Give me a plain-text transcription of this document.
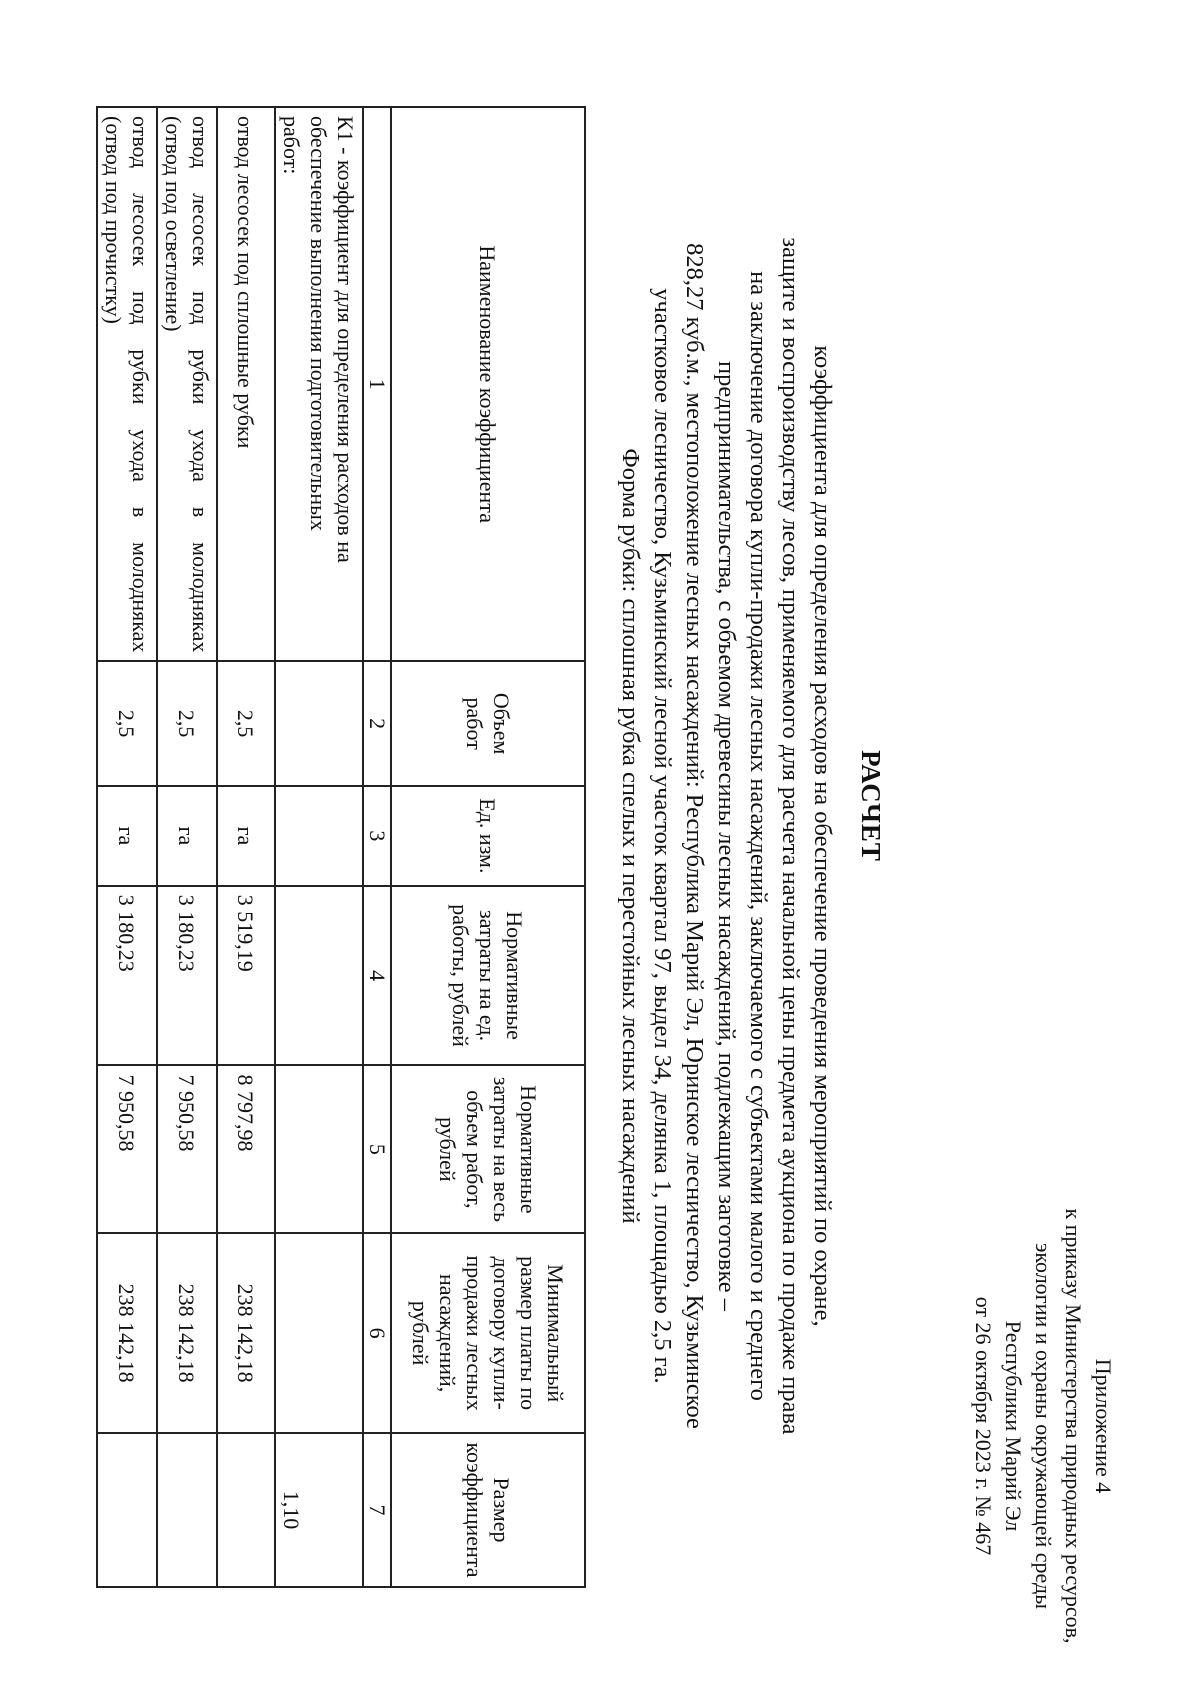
Приложение 4
к приказу Министерства природных ресурсов,
экологии и охраны окружающей среды
Республики Марий Эл
от 26 октября 2023 г. № 467
РАСЧЕТ
коэффициента для определения расходов на обеспечение проведения мероприятий по охране,
защите и воспроизводству лесов, применяемого для расчета начальной цены предмета аукциона по продаже права
на заключение договора купли-продажи лесных насаждений, заключаемого с субъектами малого и среднего
предпринимательства, с объемом древесины лесных насаждений, подлежащим заготовке –
828,27 куб.м., местоположение лесных насаждений: Республика Марий Эл, Юринское лесничество, Кузьминское
участковое лесничество, Кузьминский лесной участок квартал 97, выдел 34, делянка 1, площадью 2,5 га.
Форма рубки: сплошная рубка спелых и перестойных лесных насаждений
Наименование коэффициента	Объем работ	Ед. изм.	Нормативные затраты на ед. работы, рублей	Нормативные затраты на весь объем работ, рублей	Минимальный размер платы по договору купли-продажи лесных насаждений, рублей	Размер коэффициента
1	2	3	4	5	6	7

К1 - коэффициент для определения расходов на
обеспечение выполнения подготовительных
работ:						1,10

отвод лесосек под сплошные рубки	2,5	га	3 519,19	8 797,98	238 142,18	

отвод лесосек под рубки ухода в молодняках
(отвод под осветление)	2,5	га	3 180,23	7 950,58	238 142,18	

отвод лесосек под рубки ухода в молодняках
(отвод под прочистку)	2,5	га	3 180,23	7 950,58	238 142,18	
